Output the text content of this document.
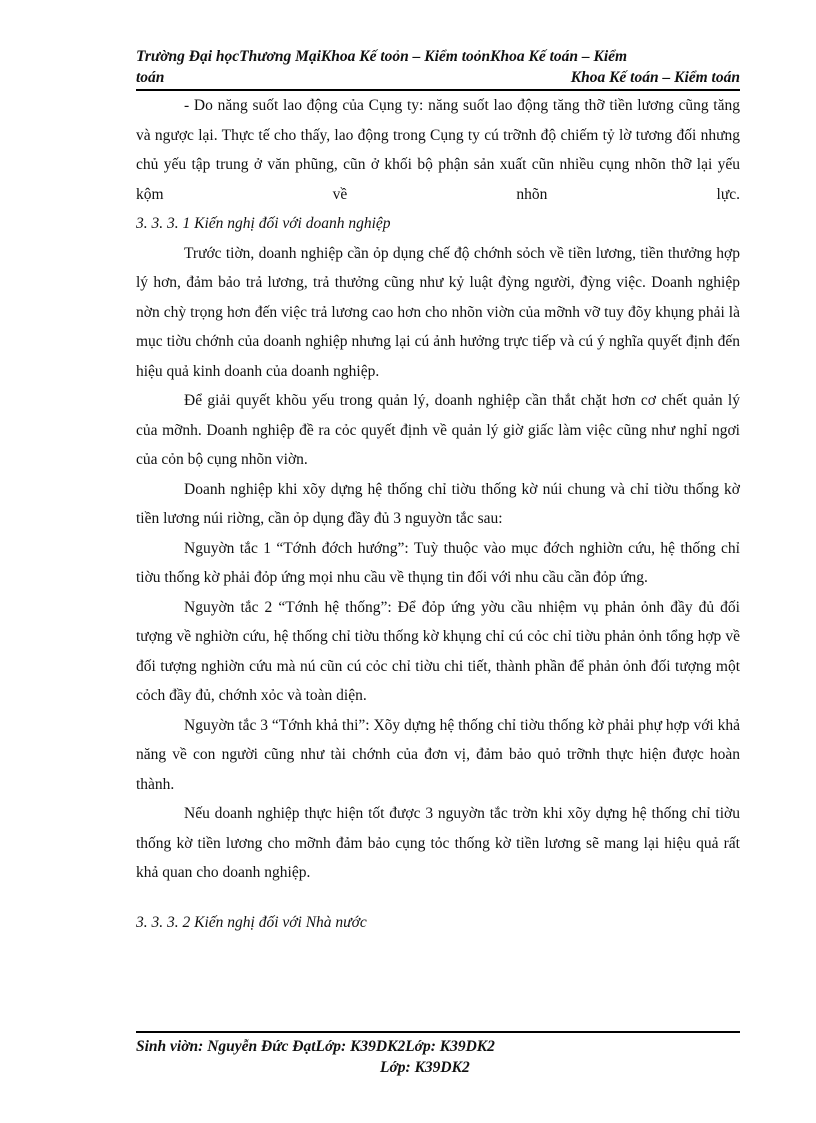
Trường Đại họcThương MạiKhoa Kế toỏn – Kiểm toỏnKhoa Kế toán – Kiểm
toán	Khoa Kế toán – Kiểm toán

- Do năng suốt lao động của Cụng ty: năng suốt lao động tăng thỡ tiền lương cũng tăng và ngược lại. Thực tế cho thấy, lao động trong Cụng ty cú trỡnh độ chiếm tỷ lờ tương đối nhưng chủ yếu tập trung ở văn phũng, cũn ở khối bộ phận sản xuất cũn nhiều cụng nhõn thỡ lại yếu kộm về nhõn lực.

3. 3. 3. 1 Kiến nghị đối với doanh nghiệp

Trước tiờn, doanh nghiệp cần ỏp dụng chế độ chớnh sỏch về tiền lương, tiền thưởng hợp lý hơn, đảm bảo trả lương, trả thưởng cũng như kỷ luật đỳng người, đỳng việc. Doanh nghiệp nờn chỳ trọng hơn đến việc trả lương cao hơn cho nhõn viờn của mỡnh vỡ tuy đõy khụng phải là mục tiờu chớnh của doanh nghiệp nhưng lại cú ảnh hưởng trực tiếp và cú ý nghĩa quyết định đến hiệu quả kinh doanh của doanh nghiệp.

Để giải quyết khõu yếu trong quản lý, doanh nghiệp cần thắt chặt hơn cơ chết quản lý của mỡnh. Doanh nghiệp đề ra cỏc quyết định về quản lý giờ giấc làm việc cũng như nghỉ ngơi của cỏn bộ cụng nhõn viờn.

Doanh nghiệp khi xõy dựng hệ thống chỉ tiờu thống kờ núi chung và chỉ tiờu thống kờ tiền lương núi riờng, cần ỏp dụng đầy đủ 3 nguyờn tắc sau:

Nguyờn tắc 1 “Tớnh đớch hướng”: Tuỳ thuộc vào mục đớch nghiờn cứu, hệ thống chỉ tiờu thống kờ phải đỏp ứng mọi nhu cầu về thụng tin đối với nhu cầu cần đỏp ứng.

Nguyờn tắc 2 “Tớnh hệ thống”: Để đỏp ứng yờu cầu nhiệm vụ phản ỏnh đầy đủ đối tượng về nghiờn cứu, hệ thống chỉ tiờu thống kờ khụng chỉ cú cỏc chỉ tiờu phản ỏnh tổng hợp về đối tượng nghiờn cứu mà nú cũn cú cỏc chỉ tiờu chi tiết, thành phần để phản ỏnh đối tượng một cỏch đầy đủ, chớnh xỏc và toàn diện.

Nguyờn tắc 3 “Tớnh khả thi”: Xõy dựng hệ thống chỉ tiờu thống kờ phải phự hợp với khả năng về con người cũng như tài chớnh của đơn vị, đảm bảo quỏ trỡnh thực hiện được hoàn thành.

Nếu doanh nghiệp thực hiện tốt được 3 nguyờn tắc trờn khi xõy dựng hệ thống chỉ tiờu thống kờ tiền lương cho mỡnh đảm bảo cụng tỏc thống kờ tiền lương sẽ mang lại hiệu quả rất khả quan cho doanh nghiệp.

3. 3. 3. 2 Kiến nghị đối với Nhà nước

Sinh viờn: Nguyễn Đức ĐạtLớp: K39DK2Lớp: K39DK2
Lớp: K39DK2
